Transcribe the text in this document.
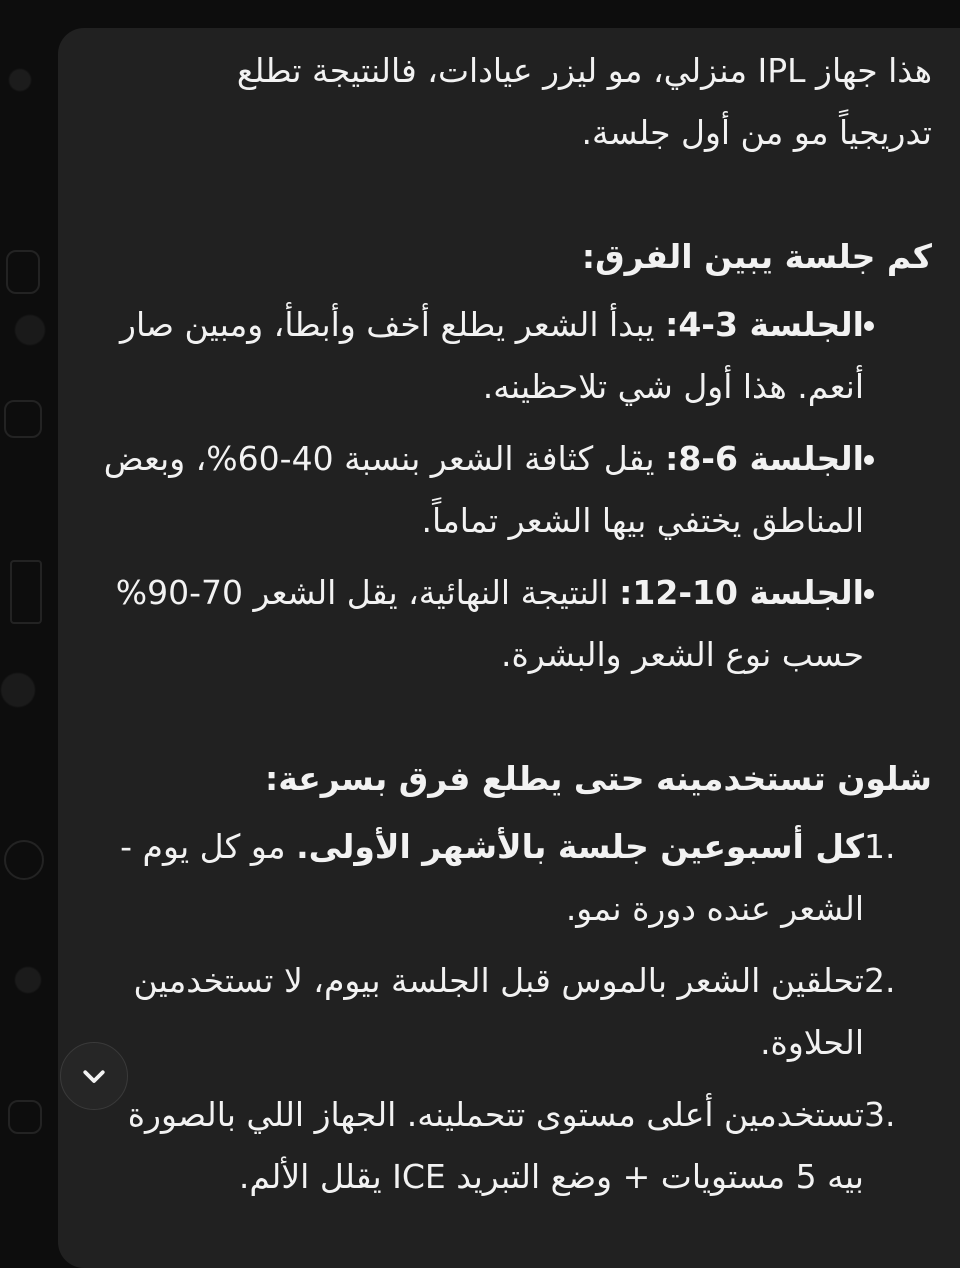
هذا جهاز IPL منزلي، مو ليزر عيادات، فالنتيجة تطلع

تدريجياً مو من أول جلسة.

كم جلسة يبين الفرق:

الجلسة 3-4: يبدأ الشعر يطلع أخف وأبطأ، ومبين صار أنعم. هذا أول شي تلاحظينه.
الجلسة 6-8: يقل كثافة الشعر بنسبة 40-60%، وبعض المناطق يختفي بيها الشعر تماماً.
الجلسة 10-12: النتيجة النهائية، يقل الشعر 70-90% حسب نوع الشعر والبشرة.

شلون تستخدمينه حتى يطلع فرق بسرعة:

1.
كل أسبوعين جلسة بالأشهر الأولى. مو كل يوم - الشعر عنده دورة نمو.
2.
تحلقين الشعر بالموس قبل الجلسة بيوم، لا تستخدمين الحلاوة.
3.
تستخدمين أعلى مستوى تتحملينه. الجهاز اللي بالصورة بيه 5 مستويات + وضع التبريد ICE يقلل الألم.
